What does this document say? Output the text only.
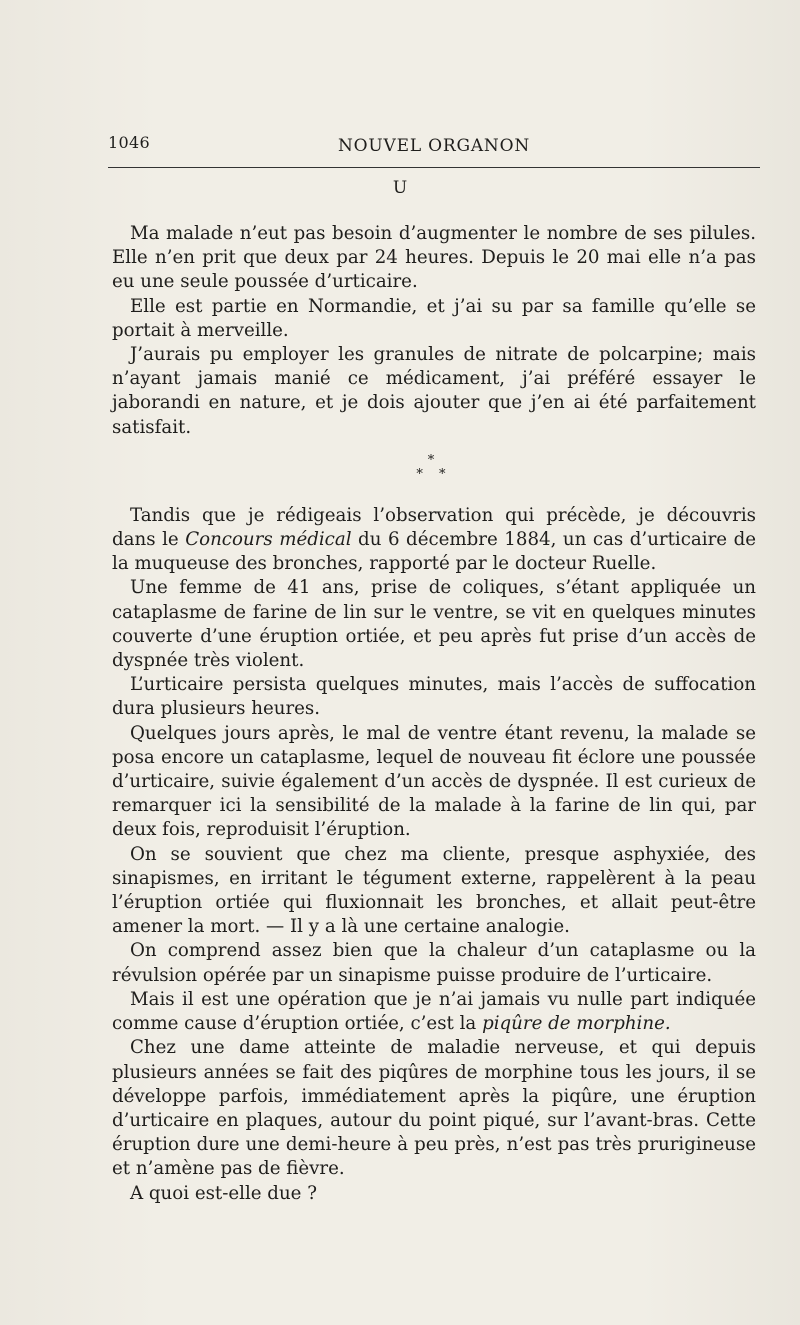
1046	NOUVEL ORGANON
U

Ma malade n’eut pas besoin d’augmenter le nombre de ses pilules. Elle n’en prit que deux par 24 heures. Depuis le 20 mai elle n’a pas eu une seule poussée d’urticaire.

Elle est partie en Normandie, et j’ai su par sa famille qu’elle se portait à merveille.

J’aurais pu employer les granules de nitrate de polcarpine; mais n’ayant jamais manié ce médicament, j’ai préféré essayer le jaborandi en nature, et je dois ajouter que j’en ai été parfaitement satisfait.

*
* *

Tandis que je rédigeais l’observation qui précède, je découvris dans le Concours médical du 6 décembre 1884, un cas d’urticaire de la muqueuse des bronches, rapporté par le docteur Ruelle.

Une femme de 41 ans, prise de coliques, s’étant appliquée un cataplasme de farine de lin sur le ventre, se vit en quelques minutes couverte d’une éruption ortiée, et peu après fut prise d’un accès de dyspnée très violent.

L’urticaire persista quelques minutes, mais l’accès de suffocation dura plusieurs heures.

Quelques jours après, le mal de ventre étant revenu, la malade se posa encore un cataplasme, lequel de nouveau fit éclore une poussée d’urticaire, suivie également d’un accès de dyspnée. Il est curieux de remarquer ici la sensibilité de la malade à la farine de lin qui, par deux fois, reproduisit l’éruption.

On se souvient que chez ma cliente, presque asphyxiée, des sinapismes, en irritant le tégument externe, rappelèrent à la peau l’éruption ortiée qui fluxionnait les bronches, et allait peut-être amener la mort. — Il y a là une certaine analogie.

On comprend assez bien que la chaleur d’un cataplasme ou la révulsion opérée par un sinapisme puisse produire de l’urticaire.

Mais il est une opération que je n’ai jamais vu nulle part indiquée comme cause d’éruption ortiée, c’est la piqûre de morphine.

Chez une dame atteinte de maladie nerveuse, et qui depuis plusieurs années se fait des piqûres de morphine tous les jours, il se développe parfois, immédiatement après la piqûre, une éruption d’urticaire en plaques, autour du point piqué, sur l’avant-bras. Cette éruption dure une demi-heure à peu près, n’est pas très prurigineuse et n’amène pas de fièvre.

A quoi est-elle due ?
